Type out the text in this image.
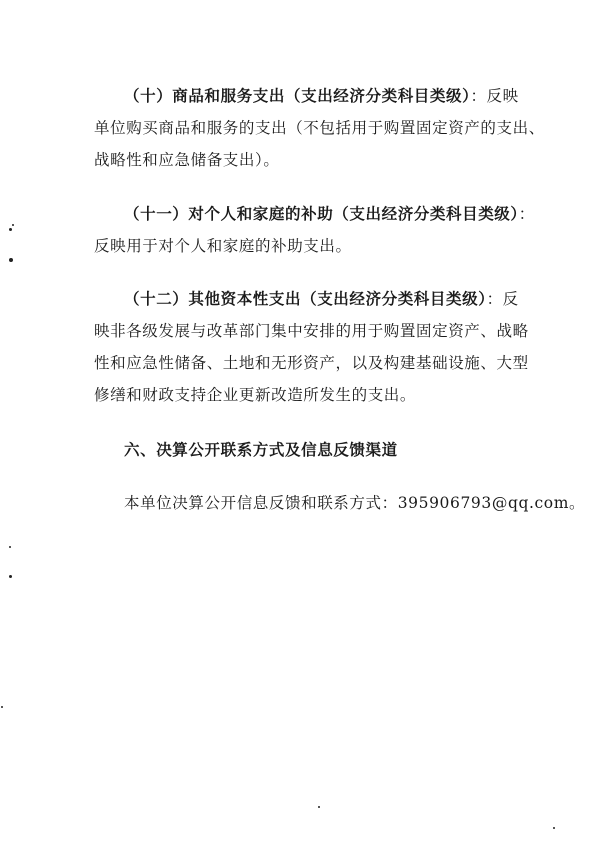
（十）商品和服务支出（支出经济分类科目类级）：反映
单位购买商品和服务的支出（不包括用于购置固定资产的支出、
战略性和应急储备支出）。
（十一）对个人和家庭的补助（支出经济分类科目类级）：
反映用于对个人和家庭的补助支出。
（十二）其他资本性支出（支出经济分类科目类级）：反
映非各级发展与改革部门集中安排的用于购置固定资产、战略
性和应急性储备、土地和无形资产，以及构建基础设施、大型
修缮和财政支持企业更新改造所发生的支出。
六、决算公开联系方式及信息反馈渠道
本单位决算公开信息反馈和联系方式：395906793@qq.com。
